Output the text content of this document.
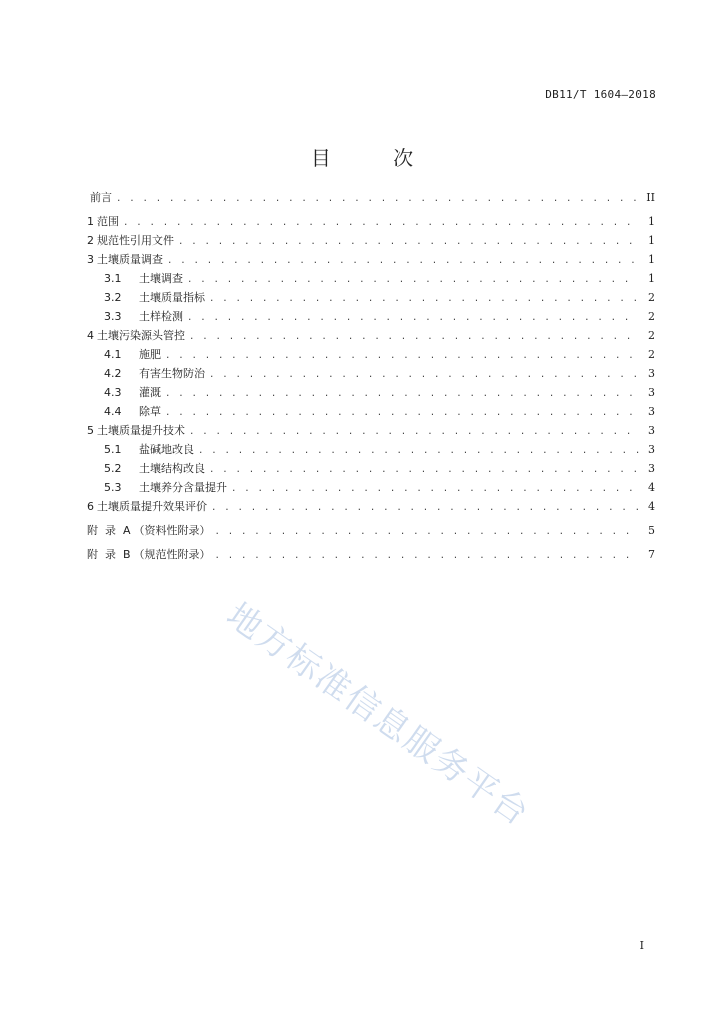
DB11/T 1604—2018
目 次
前言 . . .	II
1 范围 . . .	1
2 规范性引用文件 . . .	1
3 土壤质量调查 . . .	1
3.1	土壤调查 . . .	1
3.2	土壤质量指标 . . .	2
3.3	土样检测 . . .	2
4 土壤污染源头管控 . . .	2
4.1	施肥 . . .	2
4.2	有害生物防治 . . .	3
4.3	灌溉 . . .	3
4.4	除草 . . .	3
5 土壤质量提升技术 . . .	3
5.1	盐碱地改良 . . .	3
5.2	土壤结构改良 . . .	3
5.3	土壤养分含量提升 . . .	4
6 土壤质量提升效果评价 . . .	4
附  录  A （资料性附录） . . .	5
附  录  B （规范性附录） . . .	7
地方标准信息服务平台
I
